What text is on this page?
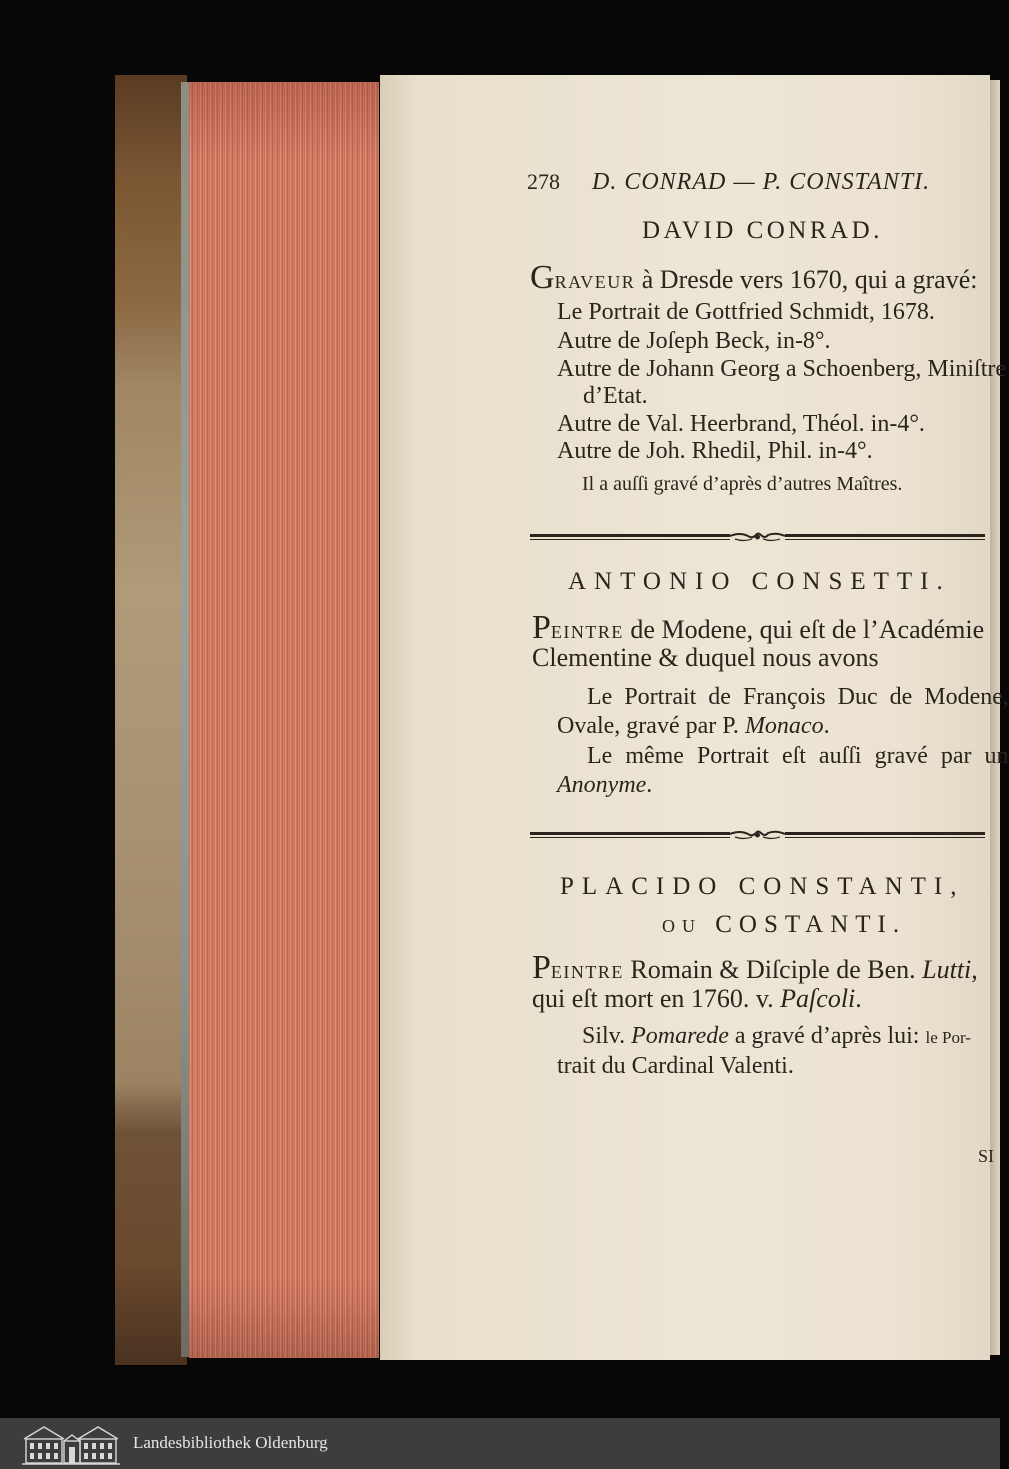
278 D. CONRAD — P. CONSTANTI.
DAVID CONRAD.
GRAVEUR à Dresde vers 1670, qui a gravé:
Le Portrait de Gottfried Schmidt, 1678.
Autre de Joſeph Beck, in-8°.
Autre de Johann Georg a Schoenberg, Miniſtre
d’Etat.
Autre de Val. Heerbrand, Théol. in-4°.
Autre de Joh. Rhedil, Phil. in-4°.
Il a auſſi gravé d’après d’autres Maîtres.
ANTONIO CONSETTI.
PEINTRE de Modene, qui eſt de l’Académie
Clementine & duquel nous avons
Le Portrait de François Duc de Modene,
Ovale, gravé par P. Monaco.
Le même Portrait eſt auſſi gravé par un
Anonyme.
PLACIDO CONSTANTI,
OU COSTANTI.
PEINTRE Romain & Diſciple de Ben. Lutti,
qui eſt mort en 1760. v. Paſcoli.
Silv. Pomarede a gravé d’après lui: le Por-
trait du Cardinal Valenti.
SI
Landesbibliothek Oldenburg
